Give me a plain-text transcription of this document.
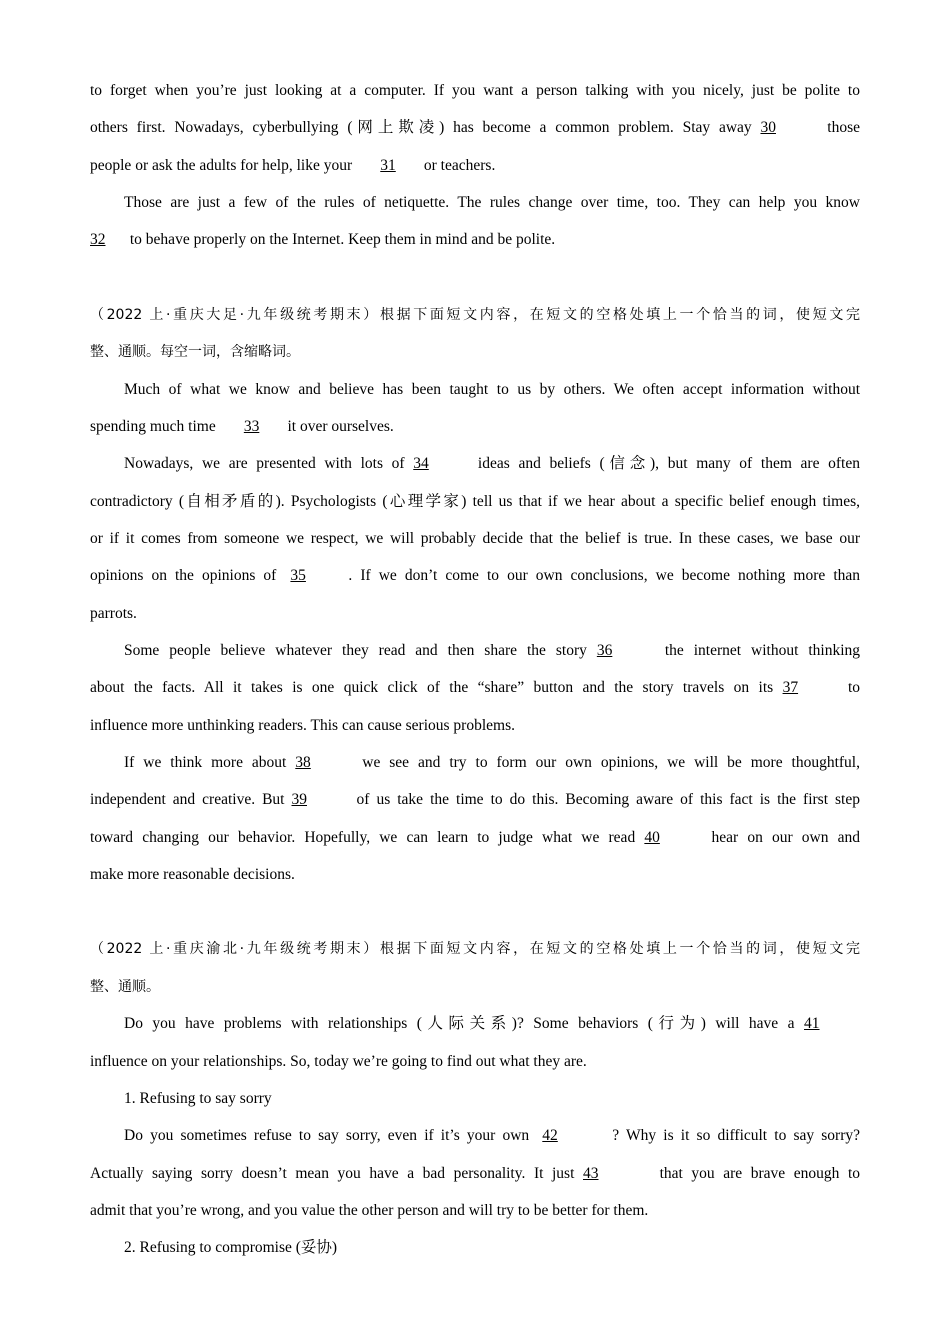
to forget when you’re just looking at a computer. If you want a person talking with you nicely, just be polite to
others first. Nowadays, cyberbullying (网上欺凌) has become a common problem. Stay away 30	those
people or ask the adults for help, like your 31 or teachers.
Those are just a few of the rules of netiquette. The rules change over time, too. They can help you know
32 to behave properly on the Internet. Keep them in mind and be polite.
（2022 上·重庆大足·九年级统考期末）根据下面短文内容，在短文的空格处填上一个恰当的词，使短文完
整、通顺。每空一词，含缩略词。
Much of what we know and believe has been taught to us by others. We often accept information without
spending much time 33 it over ourselves.
Nowadays, we are presented with lots of 34	ideas and beliefs (信念), but many of them are often
contradictory (自相矛盾的). Psychologists (心理学家) tell us that if we hear about a specific belief enough times,
or if it comes from someone we respect, we will probably decide that the belief is true. In these cases, we base our
opinions on the opinions of 35	. If we don’t come to our own conclusions, we become nothing more than
parrots.
Some people believe whatever they read and then share the story 36	the internet without thinking
about the facts. All it takes is one quick click of the “share” button and the story travels on its 37	to
influence more unthinking readers. This can cause serious problems.
If we think more about 38	we see and try to form our own opinions, we will be more thoughtful,
independent and creative. But 39	of us take the time to do this. Becoming aware of this fact is the first step
toward changing our behavior. Hopefully, we can learn to judge what we read 40	hear on our own and
make more reasonable decisions.
（2022 上·重庆渝北·九年级统考期末）根据下面短文内容，在短文的空格处填上一个恰当的词，使短文完
整、通顺。
Do you have problems with relationships (人际关系)? Some behaviors (行为) will have a 41
influence on your relationships. So, today we’re going to find out what they are.
1. Refusing to say sorry
Do you sometimes refuse to say sorry, even if it’s your own 42	? Why is it so difficult to say sorry?
Actually saying sorry doesn’t mean you have a bad personality. It just 43	that you are brave enough to
admit that you’re wrong, and you value the other person and will try to be better for them.
2. Refusing to compromise (妥协)
